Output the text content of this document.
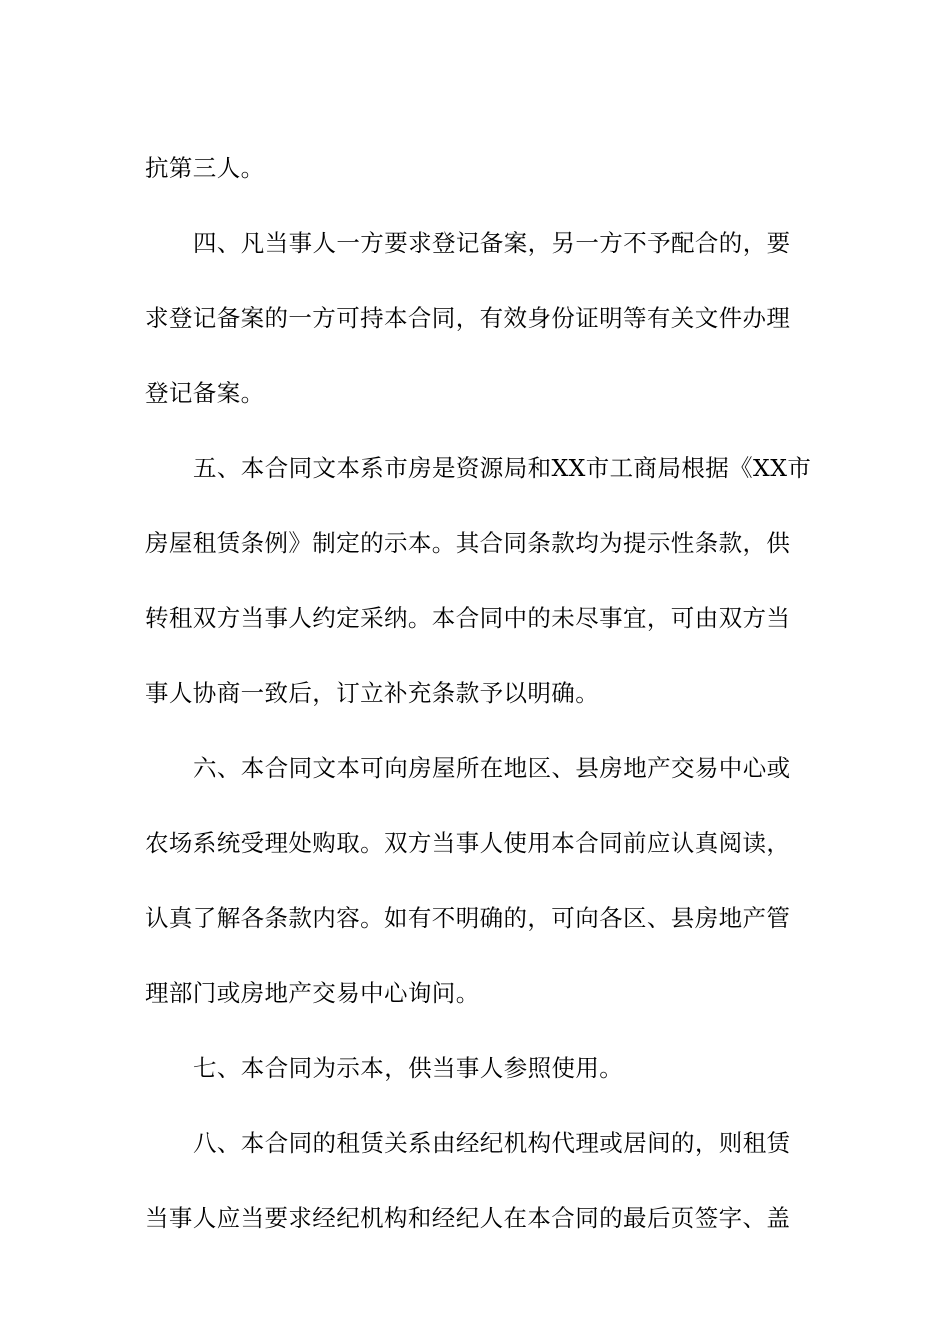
抗第三人。
四、凡当事人一方要求登记备案，另一方不予配合的，要
求登记备案的一方可持本合同，有效身份证明等有关文件办理
登记备案。
五、本合同文本系市房是资源局和XX市工商局根据《XX市
房屋租赁条例》制定的示本。其合同条款均为提示性条款，供
转租双方当事人约定采纳。本合同中的未尽事宜，可由双方当
事人协商一致后，订立补充条款予以明确。
六、本合同文本可向房屋所在地区、县房地产交易中心或
农场系统受理处购取。双方当事人使用本合同前应认真阅读，
认真了解各条款内容。如有不明确的，可向各区、县房地产管
理部门或房地产交易中心询问。
七、本合同为示本，供当事人参照使用。
八、本合同的租赁关系由经纪机构代理或居间的，则租赁
当事人应当要求经纪机构和经纪人在本合同的最后页签字、盖
